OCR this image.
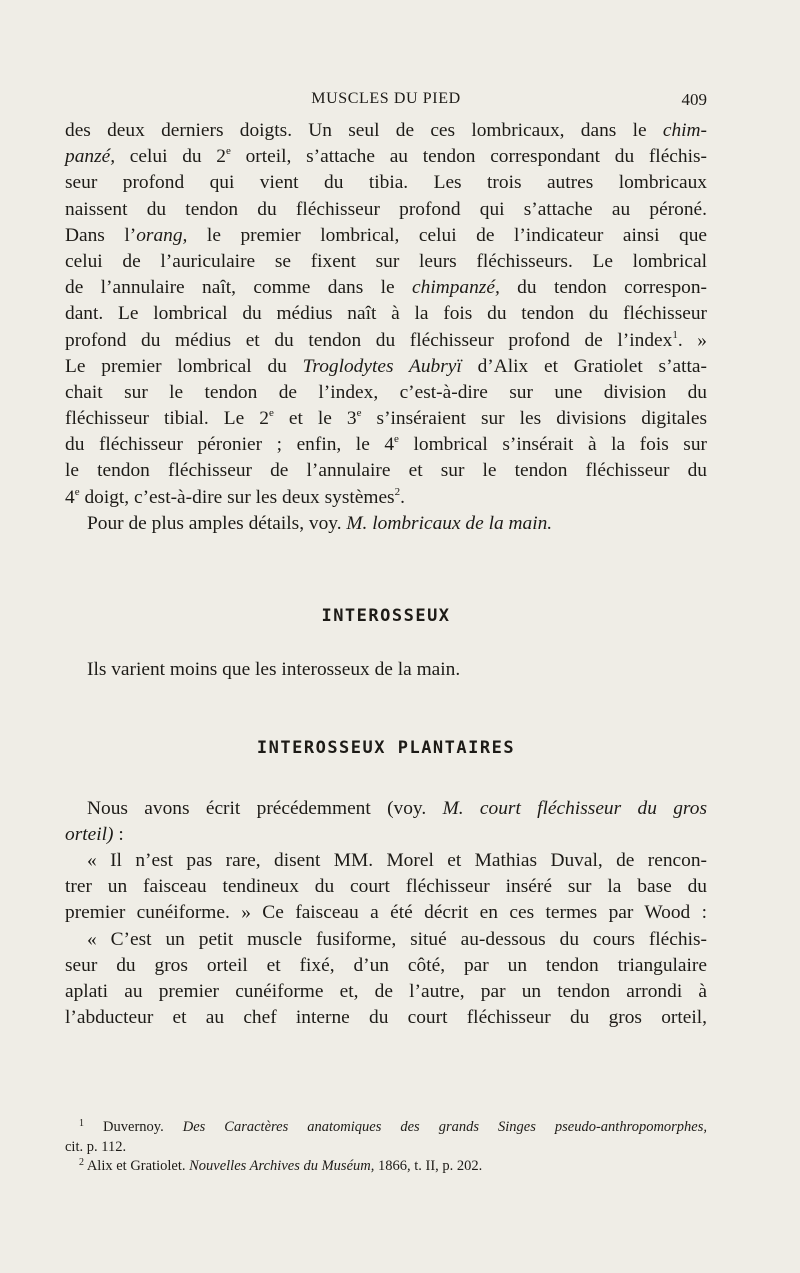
MUSCLES DU PIED	409
des deux derniers doigts. Un seul de ces lombricaux, dans le chim-
panzé, celui du 2e orteil, s’attache au tendon correspondant du fléchis-
seur profond qui vient du tibia. Les trois autres lombricaux
naissent du tendon du fléchisseur profond qui s’attache au péroné.
Dans l’orang, le premier lombrical, celui de l’indicateur ainsi que
celui de l’auriculaire se fixent sur leurs fléchisseurs. Le lombrical
de l’annulaire naît, comme dans le chimpanzé, du tendon correspon-
dant. Le lombrical du médius naît à la fois du tendon du fléchisseur
profond du médius et du tendon du fléchisseur profond de l’index$^1$. »
Le premier lombrical du Troglodytes Aubryï d’Alix et Gratiolet s’atta-
chait sur le tendon de l’index, c’est-à-dire sur une division du
fléchisseur tibial. Le 2e et le 3e s’inséraient sur les divisions digitales
du fléchisseur péronier ; enfin, le 4e lombrical s’insérait à la fois sur
le tendon fléchisseur de l’annulaire et sur le tendon fléchisseur du
4e doigt, c’est-à-dire sur les deux systèmes$^2$.
Pour de plus amples détails, voy. M. lombricaux de la main.
INTEROSSEUX
Ils varient moins que les interosseux de la main.
INTEROSSEUX PLANTAIRES
Nous avons écrit précédemment (voy. M. court fléchisseur du gros
orteil) :
« Il n’est pas rare, disent MM. Morel et Mathias Duval, de rencon-
trer un faisceau tendineux du court fléchisseur inséré sur la base du
premier cunéiforme. » Ce faisceau a été décrit en ces termes par Wood :
« C’est un petit muscle fusiforme, situé au-dessous du cours fléchis-
seur du gros orteil et fixé, d’un côté, par un tendon triangulaire
aplati au premier cunéiforme et, de l’autre, par un tendon arrondi à
l’abducteur et au chef interne du court fléchisseur du gros orteil,
$^1$ Duvernoy. Des Caractères anatomiques des grands Singes pseudo-anthropomorphes,
cit. p. 112.
$^2$ Alix et Gratiolet. Nouvelles Archives du Muséum, 1866, t. II, p. 202.
